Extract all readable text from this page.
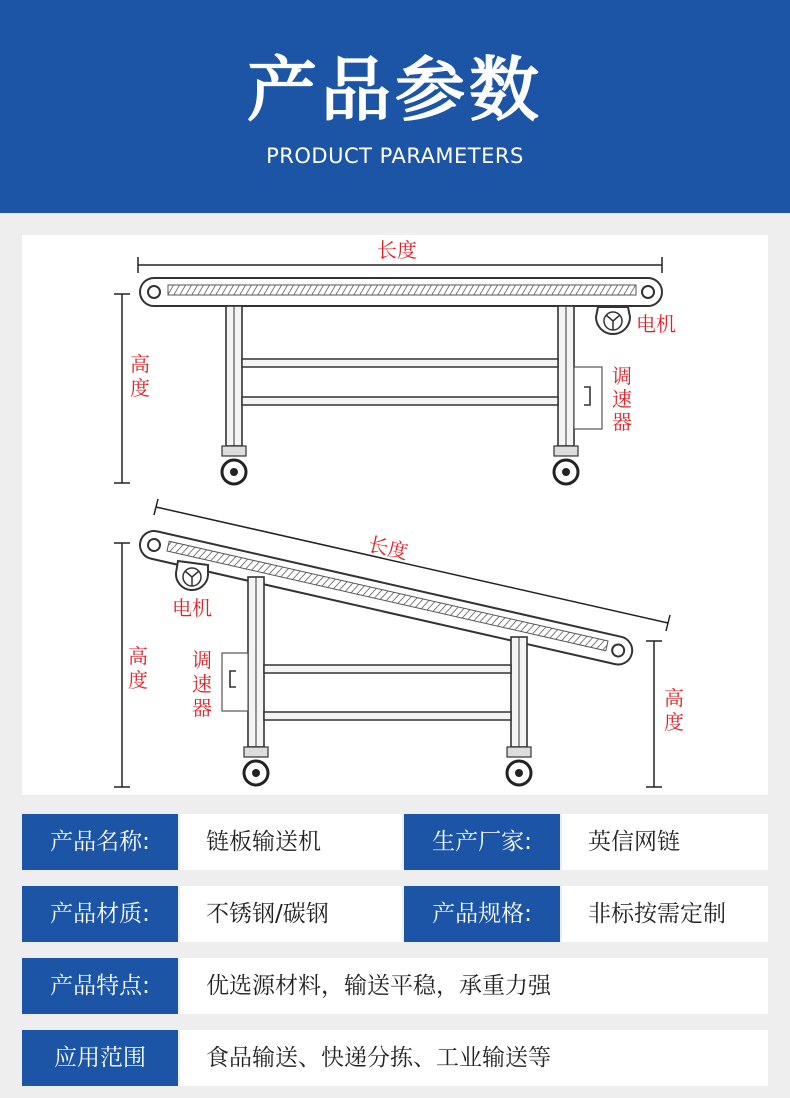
产品参数
PRODUCT PARAMETERS
长度
电机
调
速
器
高
度
长度
电机
调
速
器
高
度
高
度
产品名称:	链板输送机	生产厂家:	英信网链
产品材质:	不锈钢/碳钢	产品规格:	非标按需定制
产品特点:	优选源材料，输送平稳，承重力强
应用范围	食品输送、快递分拣、工业输送等
